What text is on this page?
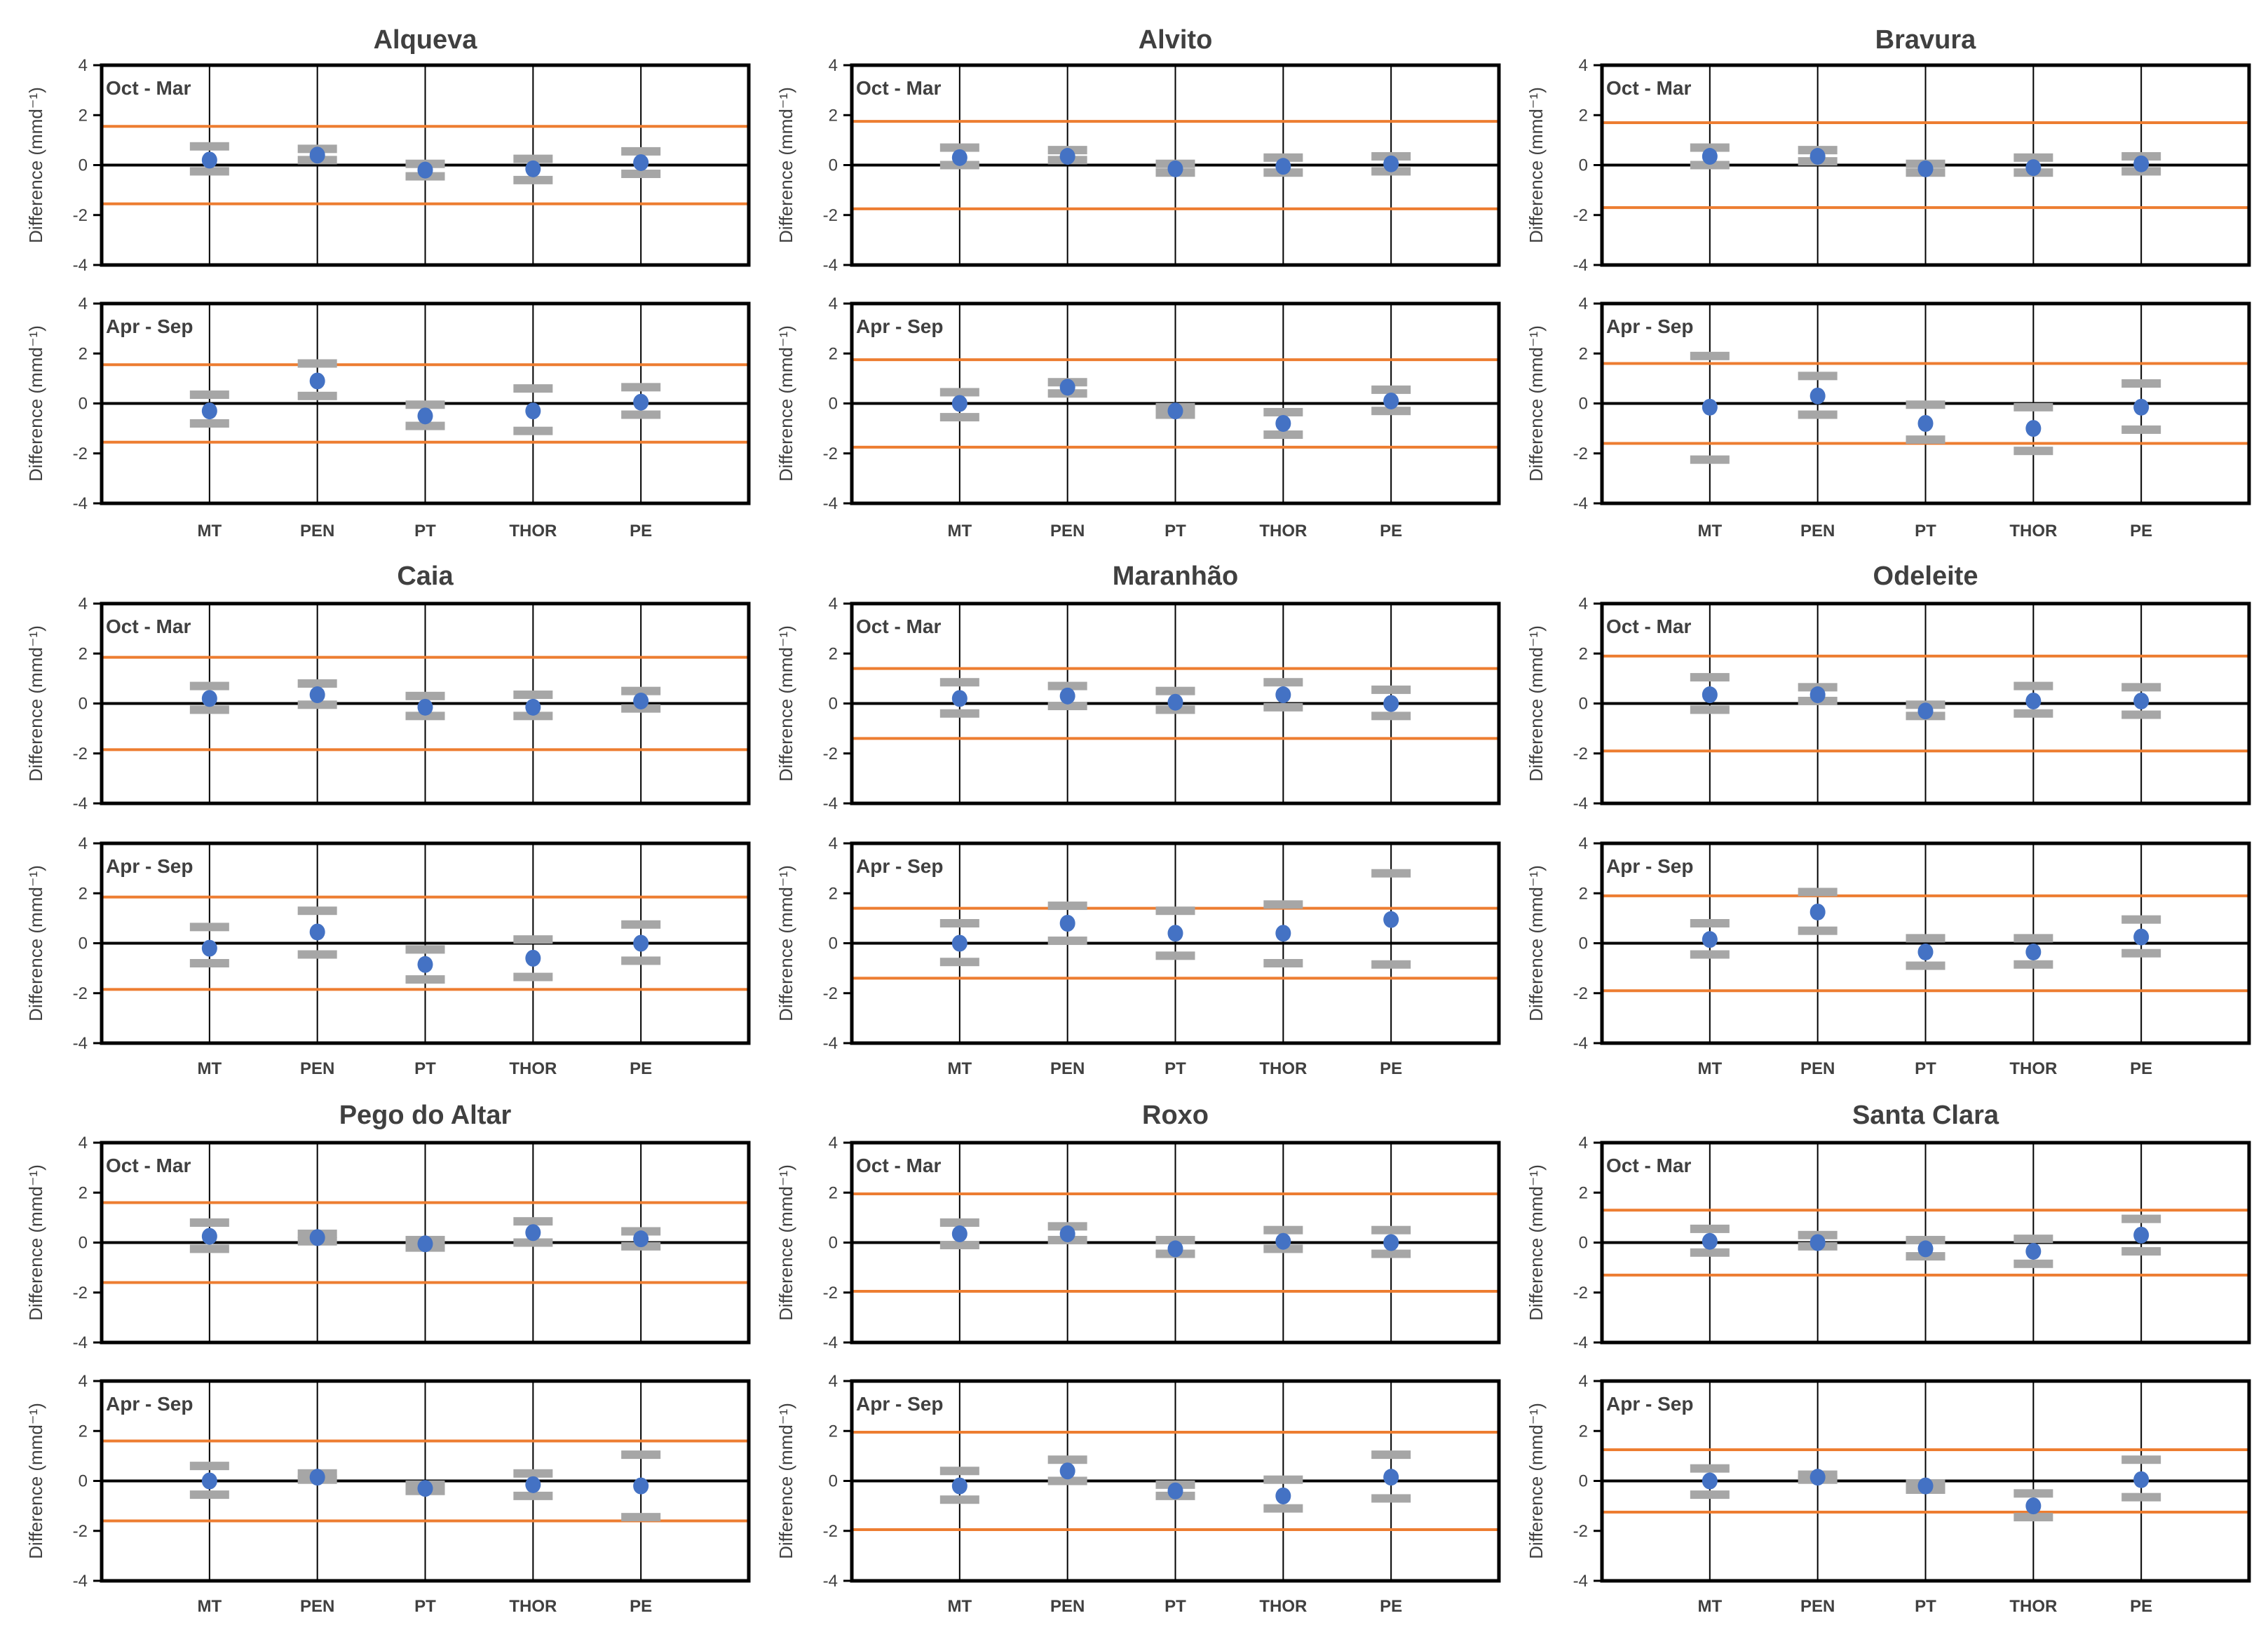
Alqueva
4
2
0
-2
-4
Difference (mmd⁻¹)	Oct - Mar
4
2
0
-2
-4
Difference (mmd⁻¹)	Apr - Sep
MT	PEN	PT	THOR	PE
Alvito
4
2
0
-2
-4
Difference (mmd⁻¹)	Oct - Mar
4
2
0
-2
-4
Difference (mmd⁻¹)	Apr - Sep
MT	PEN	PT	THOR	PE
Bravura
4
2
0
-2
-4
Difference (mmd⁻¹)	Oct - Mar
4
2
0
-2
-4
Difference (mmd⁻¹)	Apr - Sep
MT	PEN	PT	THOR	PE
Caia
4
2
0
-2
-4
Difference (mmd⁻¹)	Oct - Mar
4
2
0
-2
-4
Difference (mmd⁻¹)	Apr - Sep
MT	PEN	PT	THOR	PE
Maranhão
4
2
0
-2
-4
Difference (mmd⁻¹)	Oct - Mar
4
2
0
-2
-4
Difference (mmd⁻¹)	Apr - Sep
MT	PEN	PT	THOR	PE
Odeleite
4
2
0
-2
-4
Difference (mmd⁻¹)	Oct - Mar
4
2
0
-2
-4
Difference (mmd⁻¹)	Apr - Sep
MT	PEN	PT	THOR	PE
Pego do Altar
4
2
0
-2
-4
Difference (mmd⁻¹)	Oct - Mar
4
2
0
-2
-4
Difference (mmd⁻¹)	Apr - Sep
MT	PEN	PT	THOR	PE
Roxo
4
2
0
-2
-4
Difference (mmd⁻¹)	Oct - Mar
4
2
0
-2
-4
Difference (mmd⁻¹)	Apr - Sep
MT	PEN	PT	THOR	PE
Santa Clara
4
2
0
-2
-4
Difference (mmd⁻¹)	Oct - Mar
4
2
0
-2
-4
Difference (mmd⁻¹)	Apr - Sep
MT	PEN	PT	THOR	PE
